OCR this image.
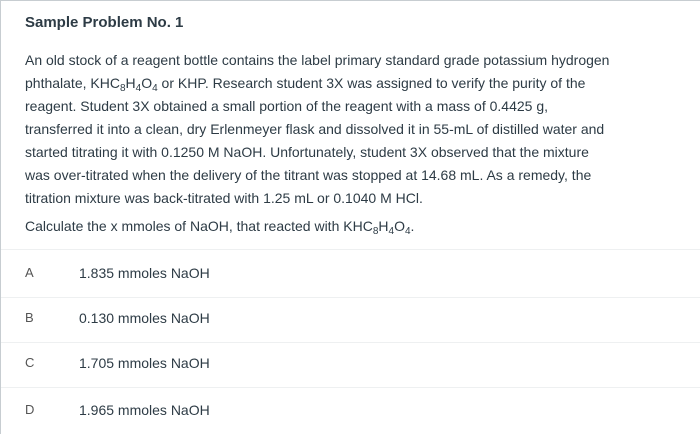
Sample Problem No. 1
An old stock of a reagent bottle contains the label primary standard grade potassium hydrogen
phthalate, $KHC_8H_4O_4$ or KHP. Research student 3X was assigned to verify the purity of the
reagent. Student 3X obtained a small portion of the reagent with a mass of 0.4425 g,
transferred it into a clean, dry Erlenmeyer flask and dissolved it in 55-mL of distilled water and
started titrating it with 0.1250 M NaOH. Unfortunately, student 3X observed that the mixture
was over-titrated when the delivery of the titrant was stopped at 14.68 mL. As a remedy, the
titration mixture was back-titrated with 1.25 mL or 0.1040 M HCl.
Calculate the x mmoles of NaOH, that reacted with $KHC_8H_4O_4$.
A	1.835 mmoles NaOH
B	0.130 mmoles NaOH
C	1.705 mmoles NaOH
D	1.965 mmoles NaOH
